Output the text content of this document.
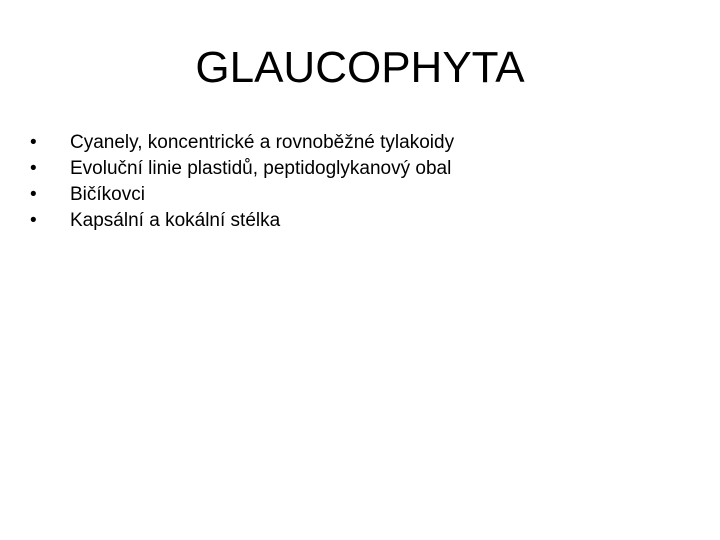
GLAUCOPHYTA
•	Cyanely, koncentrické a rovnoběžné tylakoidy
•	Evoluční linie plastidů, peptidoglykanový obal
•	Bičíkovci
•	Kapsální a kokální stélka
